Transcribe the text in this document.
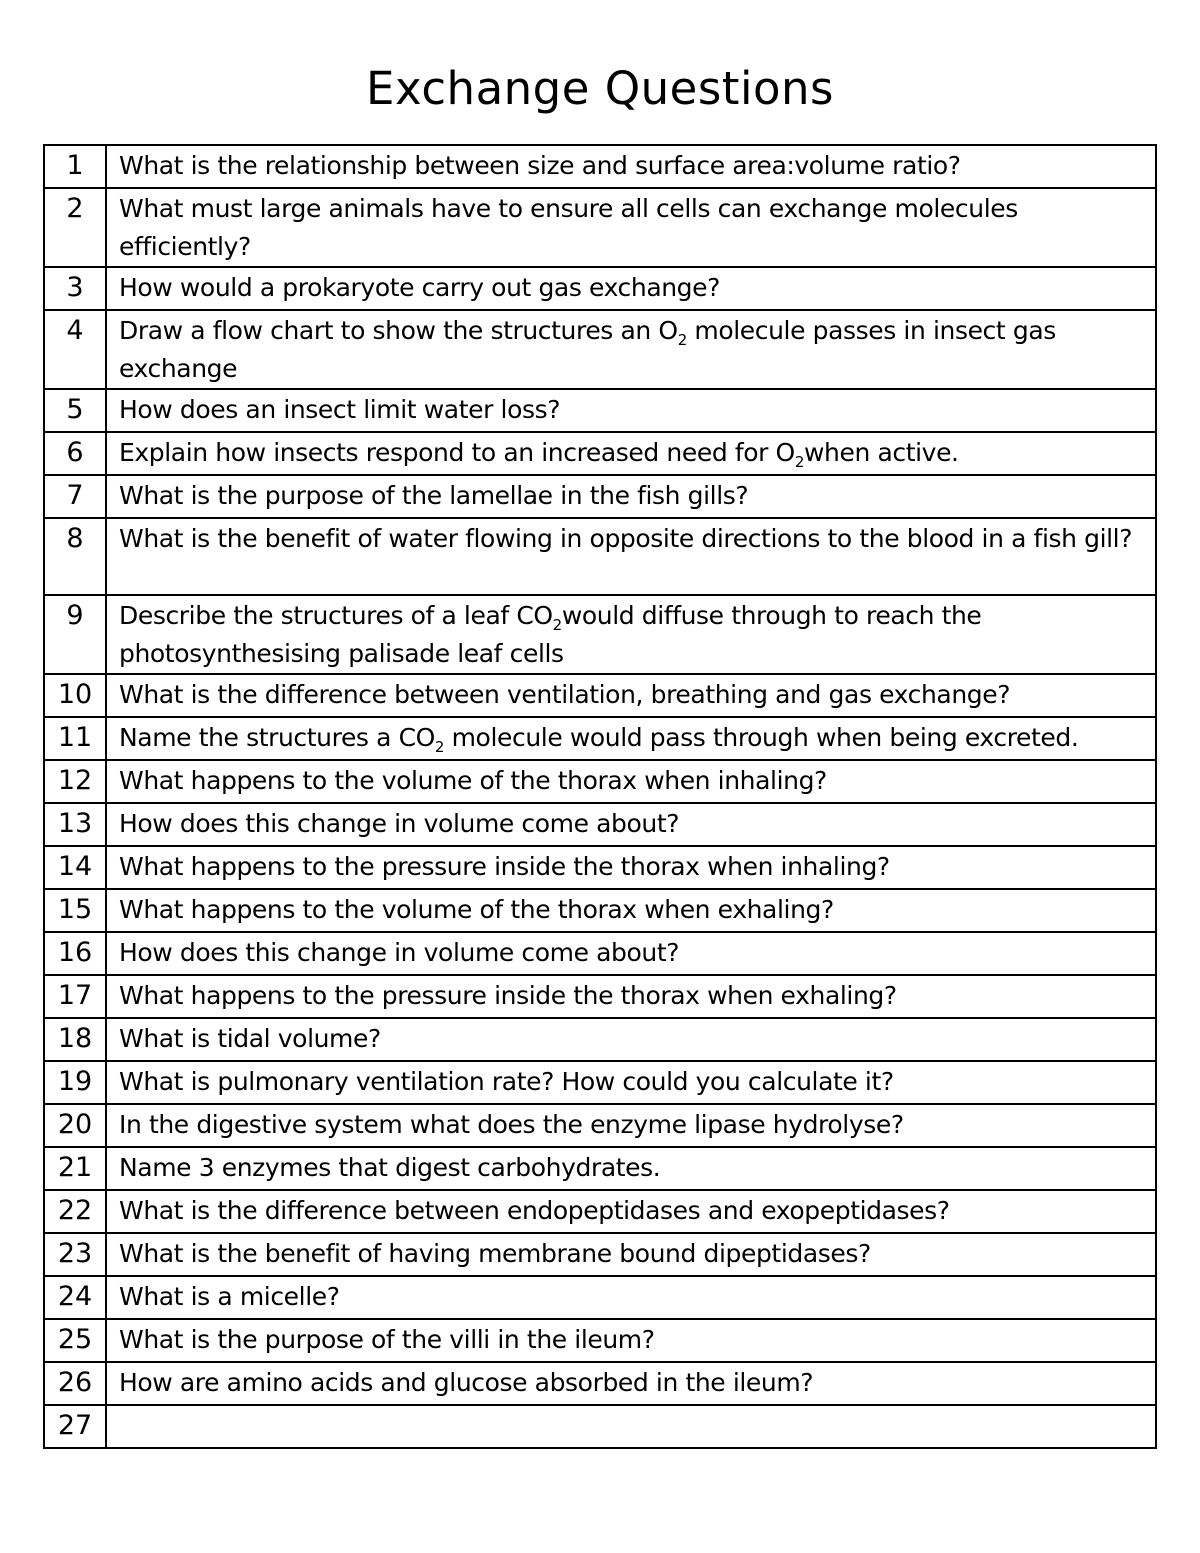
Exchange Questions
1	What is the relationship between size and surface area:volume ratio?
2	What must large animals have to ensure all cells can exchange molecules efficiently?
3	How would a prokaryote carry out gas exchange?
4	Draw a flow chart to show the structures an $O_2$ molecule passes in insect gas exchange
5	How does an insect limit water loss?
6	Explain how insects respond to an increased need for $O_2when$ active.
7	What is the purpose of the lamellae in the fish gills?
8	What is the benefit of water flowing in opposite directions to the blood in a fish gill?
9	Describe the structures of a leaf $CO_2would$ diffuse through to reach the photosynthesising palisade leaf cells
10	What is the difference between ventilation, breathing and gas exchange?
11	Name the structures a $CO_2$ molecule would pass through when being excreted.
12	What happens to the volume of the thorax when inhaling?
13	How does this change in volume come about?
14	What happens to the pressure inside the thorax when inhaling?
15	What happens to the volume of the thorax when exhaling?
16	How does this change in volume come about?
17	What happens to the pressure inside the thorax when exhaling?
18	What is tidal volume?
19	What is pulmonary ventilation rate? How could you calculate it?
20	In the digestive system what does the enzyme lipase hydrolyse?
21	Name 3 enzymes that digest carbohydrates.
22	What is the difference between endopeptidases and exopeptidases?
23	What is the benefit of having membrane bound dipeptidases?
24	What is a micelle?
25	What is the purpose of the villi in the ileum?
26	How are amino acids and glucose absorbed in the ileum?
27	
